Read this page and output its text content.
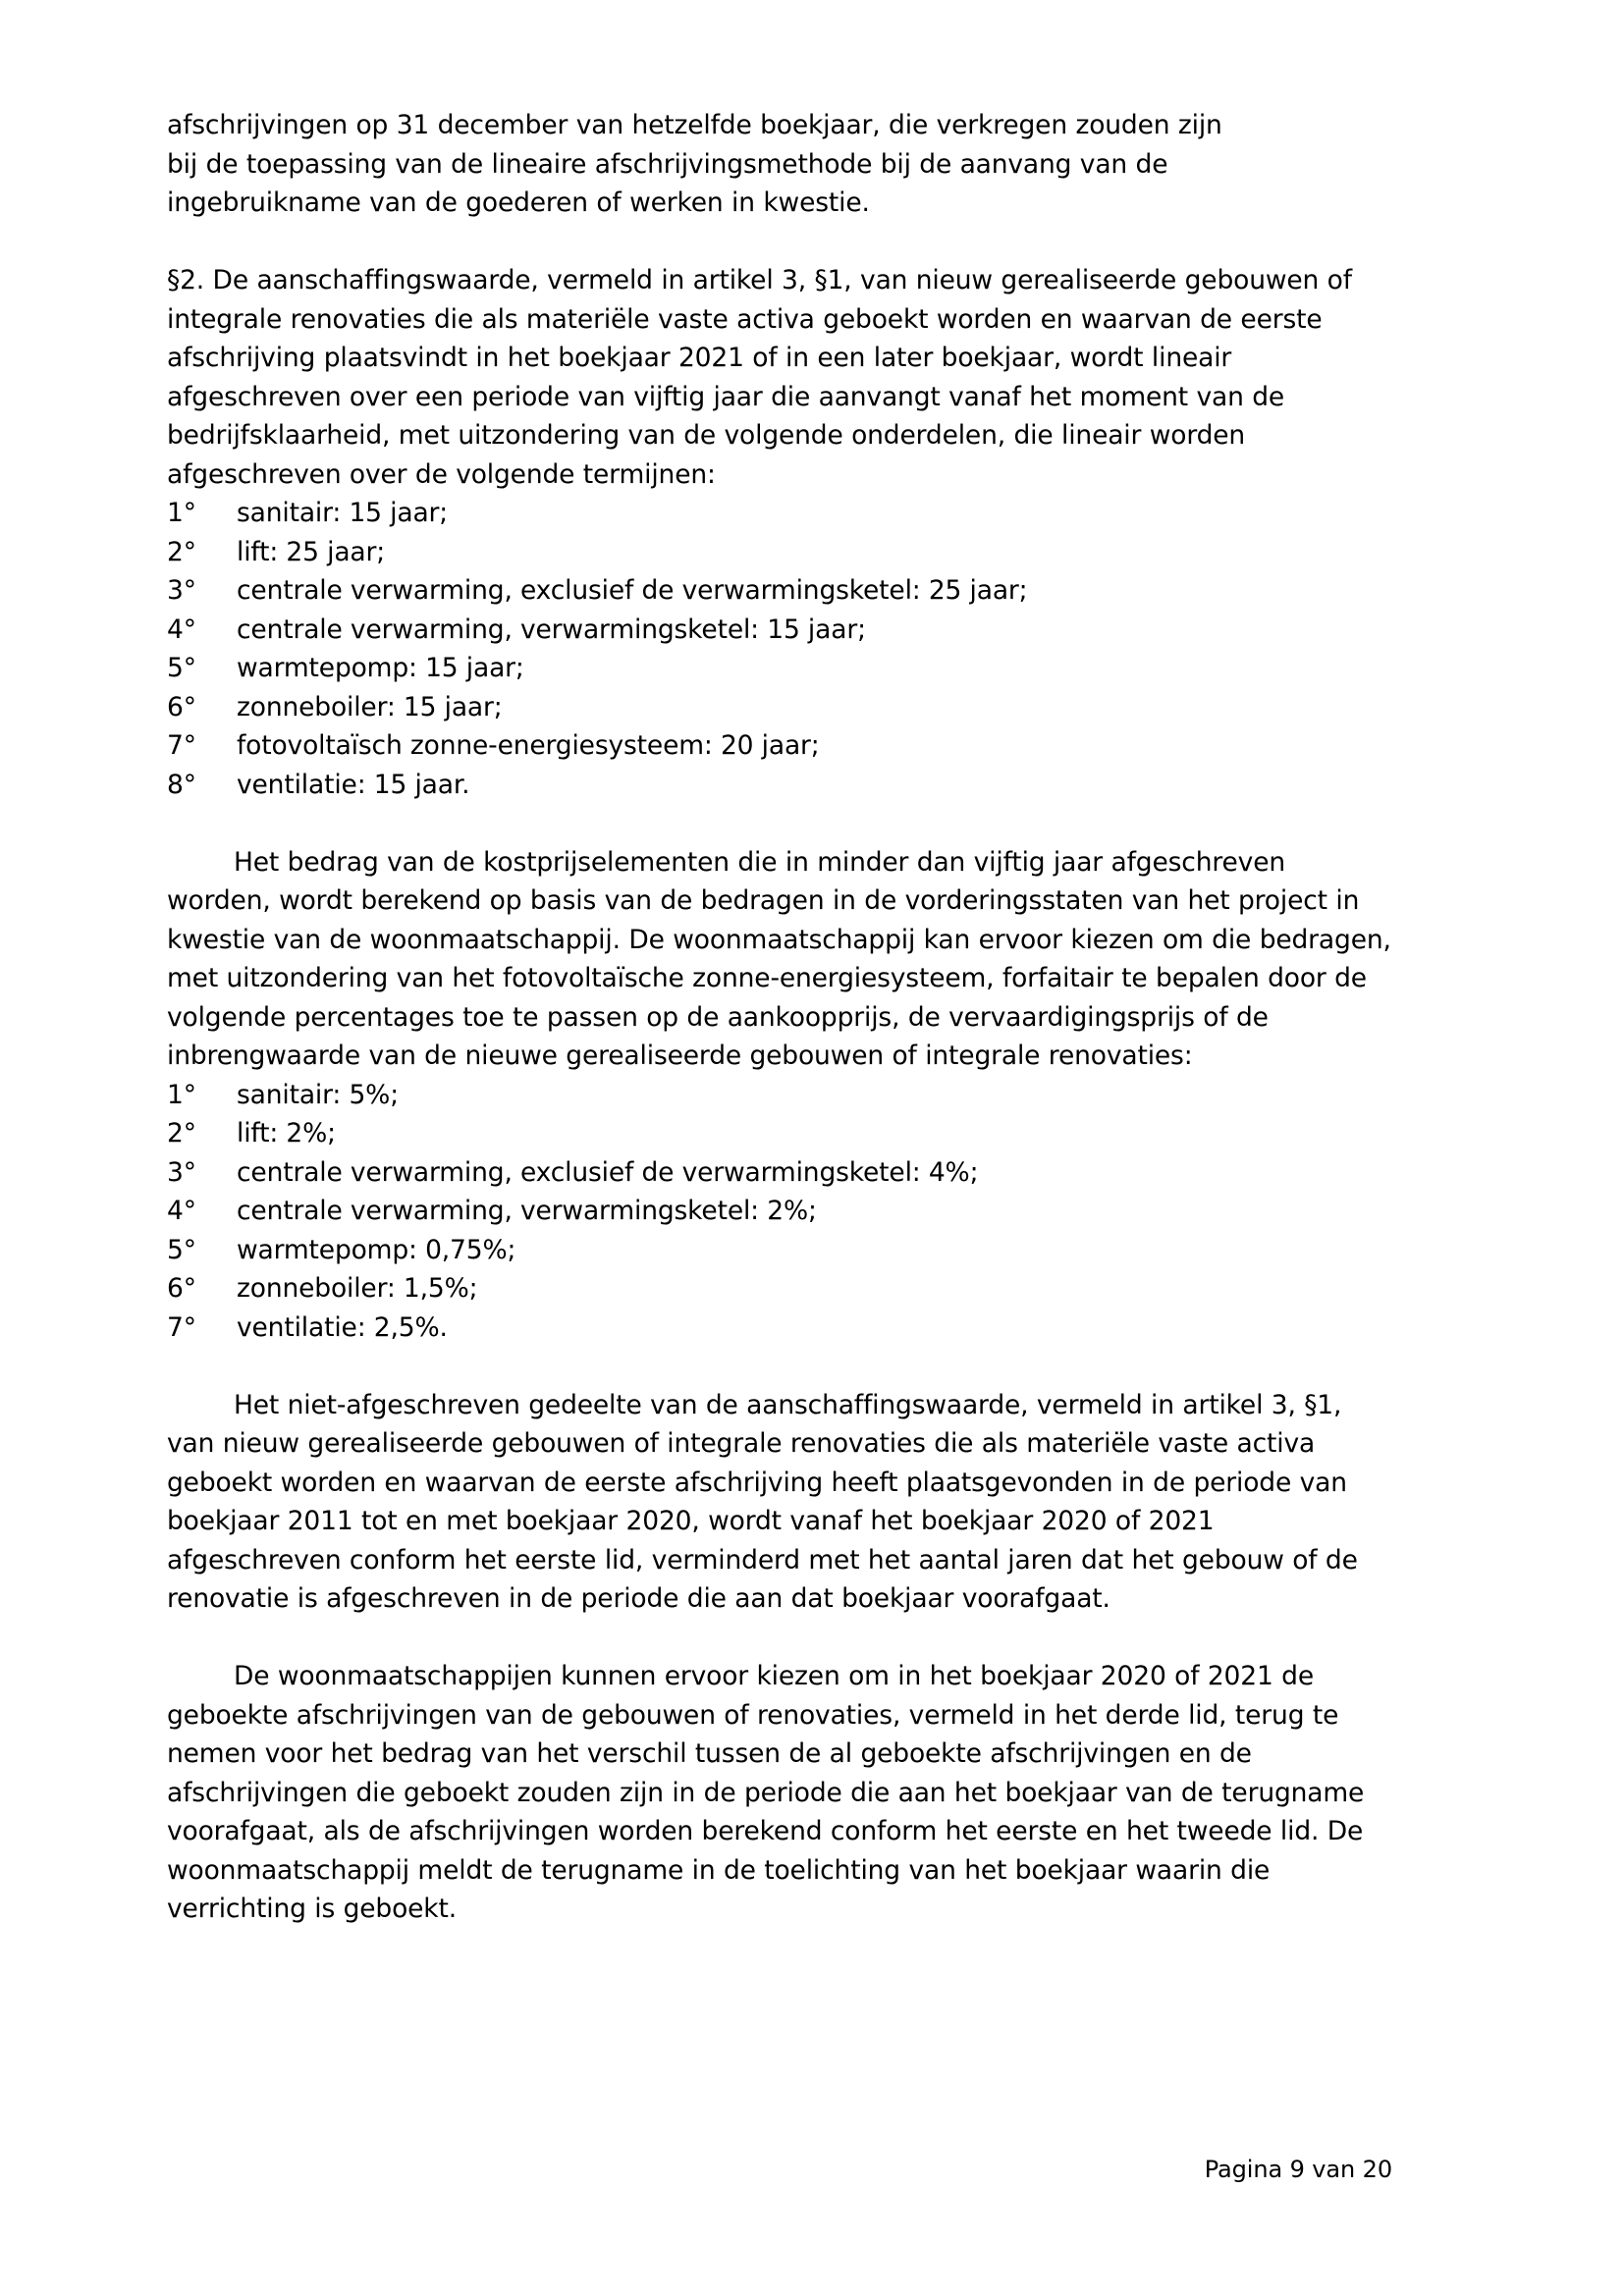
afschrijvingen op 31 december van hetzelfde boekjaar, die verkregen zouden zijn
bij de toepassing van de lineaire afschrijvingsmethode bij de aanvang van de
ingebruikname van de goederen of werken in kwestie.

§2. De aanschaffingswaarde, vermeld in artikel 3, §1, van nieuw gerealiseerde gebouwen of integrale renovaties die als materiële vaste activa geboekt worden en waarvan de eerste afschrijving plaatsvindt in het boekjaar 2021 of in een later boekjaar, wordt lineair afgeschreven over een periode van vijftig jaar die aanvangt vanaf het moment van de bedrijfsklaarheid, met uitzondering van de volgende onderdelen, die lineair worden afgeschreven over de volgende termijnen:

1°	sanitair: 15 jaar;
2°	lift: 25 jaar;
3°	centrale verwarming, exclusief de verwarmingsketel: 25 jaar;
4°	centrale verwarming, verwarmingsketel: 15 jaar;
5°	warmtepomp: 15 jaar;
6°	zonneboiler: 15 jaar;
7°	fotovoltaïsch zonne-energiesysteem: 20 jaar;
8°	ventilatie: 15 jaar.

Het bedrag van de kostprijselementen die in minder dan vijftig jaar afgeschreven worden, wordt berekend op basis van de bedragen in de vorderingsstaten van het project in kwestie van de woonmaatschappij. De woonmaatschappij kan ervoor kiezen om die bedragen, met uitzondering van het fotovoltaïsche zonne-energiesysteem, forfaitair te bepalen door de volgende percentages toe te passen op de aankoopprijs, de vervaardigingsprijs of de inbrengwaarde van de nieuwe gerealiseerde gebouwen of integrale renovaties:

1°	sanitair: 5%;
2°	lift: 2%;
3°	centrale verwarming, exclusief de verwarmingsketel: 4%;
4°	centrale verwarming, verwarmingsketel: 2%;
5°	warmtepomp: 0,75%;
6°	zonneboiler: 1,5%;
7°	ventilatie: 2,5%.

Het niet-afgeschreven gedeelte van de aanschaffingswaarde, vermeld in artikel 3, §1, van nieuw gerealiseerde gebouwen of integrale renovaties die als materiële vaste activa geboekt worden en waarvan de eerste afschrijving heeft plaatsgevonden in de periode van boekjaar 2011 tot en met boekjaar 2020, wordt vanaf het boekjaar 2020 of 2021 afgeschreven conform het eerste lid, verminderd met het aantal jaren dat het gebouw of de renovatie is afgeschreven in de periode die aan dat boekjaar voorafgaat.

De woonmaatschappijen kunnen ervoor kiezen om in het boekjaar 2020 of 2021 de geboekte afschrijvingen van de gebouwen of renovaties, vermeld in het derde lid, terug te nemen voor het bedrag van het verschil tussen de al geboekte afschrijvingen en de afschrijvingen die geboekt zouden zijn in de periode die aan het boekjaar van de terugname voorafgaat, als de afschrijvingen worden berekend conform het eerste en het tweede lid. De woonmaatschappij meldt de terugname in de toelichting van het boekjaar waarin die verrichting is geboekt.

Pagina 9 van 20
